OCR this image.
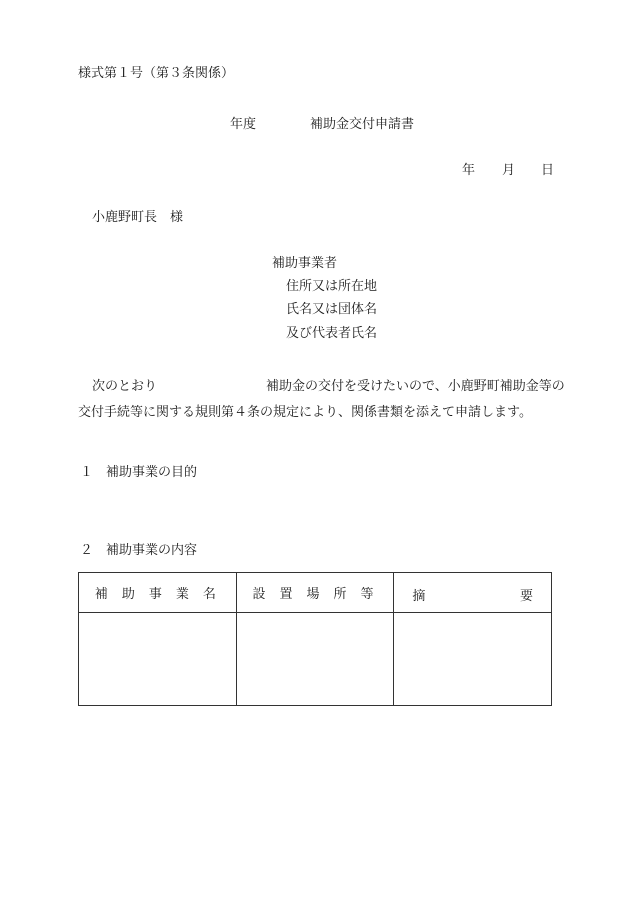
様式第１号（第３条関係）
年度	補助金交付申請書
年 月 日
小鹿野町長　様
補助事業者
住所又は所在地
氏名又は団体名
及び代表者氏名
次のとおり	補助金の交付を受けたいので、小鹿野町補助金等の
交付手続等に関する規則第４条の規定により、関係書類を添えて申請します。
１　補助事業の目的
２　補助事業の内容
補助事業名	設置場所等	摘 要
